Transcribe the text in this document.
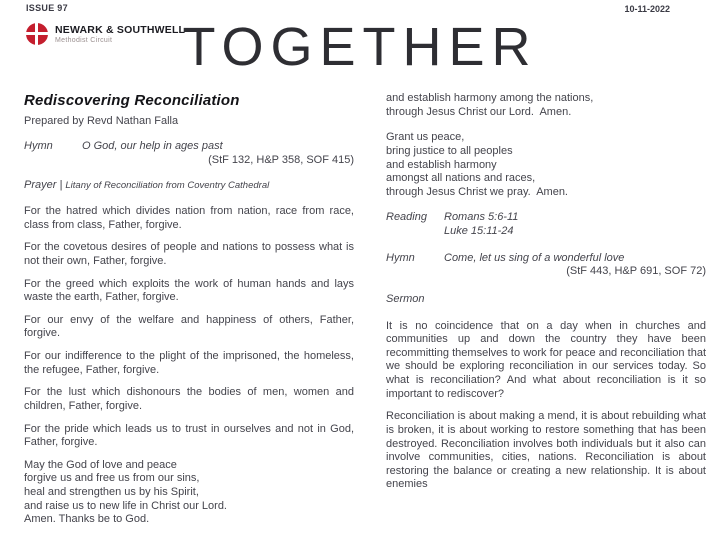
ISSUE 97	10-11-2022
NEWARK & SOUTHWELL
Methodist Circuit	TOGETHER
Rediscovering Reconciliation
Prepared by Revd Nathan Falla
Hymn	O God, our help in ages past
(StF 132, H&P 358, SOF 415)
Prayer | Litany of Reconciliation from Coventry Cathedral

For the hatred which divides nation from nation, race from race, class from class, Father, forgive.

For the covetous desires of people and nations to possess what is not their own, Father, forgive.

For the greed which exploits the work of human hands and lays waste the earth, Father, forgive.

For our envy of the welfare and happiness of others, Father, forgive.

For our indifference to the plight of the imprisoned, the homeless, the refugee, Father, forgive.

For the lust which dishonours the bodies of men, women and children, Father, forgive.

For the pride which leads us to trust in ourselves and not in God, Father, forgive.

May the God of love and peace
forgive us and free us from our sins,
heal and strengthen us by his Spirit,
and raise us to new life in Christ our Lord.
Amen. Thanks be to God.
and establish harmony among the nations,
through Jesus Christ our Lord.  Amen.
Grant us peace,
bring justice to all peoples
and establish harmony
amongst all nations and races,
through Jesus Christ we pray.  Amen.
Reading	Romans 5:6-11
Luke 15:11-24
Hymn	Come, let us sing of a wonderful love
(StF 443, H&P 691, SOF 72)
Sermon

It is no coincidence that on a day when in churches and communities up and down the country they have been recommitting themselves to work for peace and reconciliation that we should be exploring reconciliation in our services today. So what is reconciliation? And what about reconciliation is it so important to rediscover?

Reconciliation is about making a mend, it is about rebuilding what is broken, it is about working to restore something that has been destroyed. Reconciliation involves both individuals but it also can involve communities, cities, nations. Reconciliation is about restoring the balance or creating a new relationship. It is about enemies
